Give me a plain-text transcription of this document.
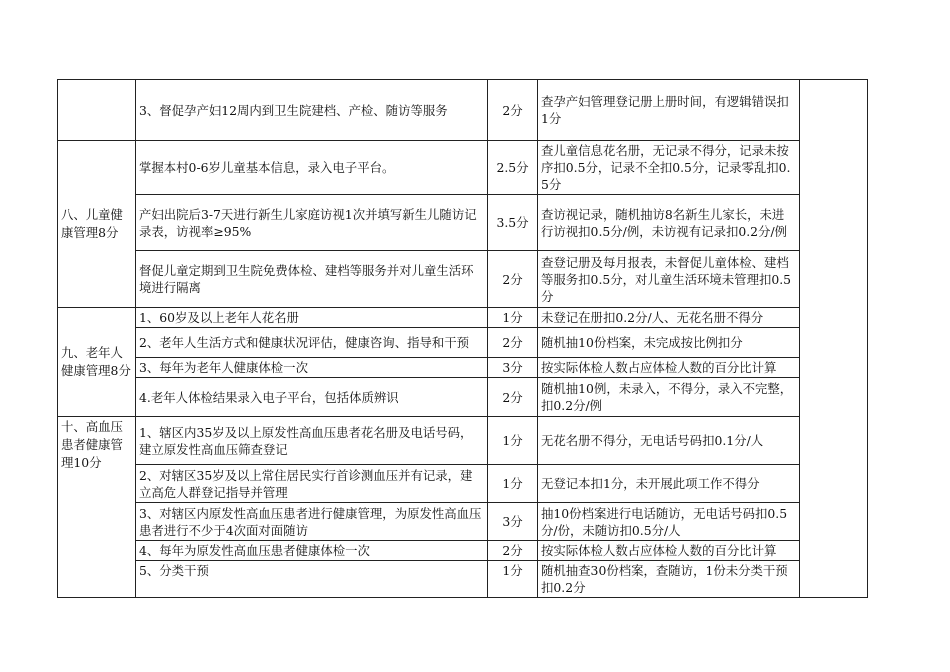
	3、督促孕产妇12周内到卫生院建档、产检、随访等服务	2分	查孕产妇管理登记册上册时间，有逻辑错误扣1分	
八、儿童健康管理8分	掌握本村0-6岁儿童基本信息，录入电子平台。	2.5分	查儿童信息花名册，无记录不得分，记录未按序扣0.5分，记录不全扣0.5分，记录零乱扣0.5分	
	产妇出院后3-7天进行新生儿家庭访视1次并填写新生儿随访记录表，访视率≥95%	3.5分	查访视记录，随机抽访8名新生儿家长，未进行访视扣0.5分/例，未访视有记录扣0.2分/例	
	督促儿童定期到卫生院免费体检、建档等服务并对儿童生活环境进行隔离	2分	查登记册及每月报表，未督促儿童体检、建档等服务扣0.5分，对儿童生活环境未管理扣0.5分	
九、老年人健康管理8分	1、60岁及以上老年人花名册	1分	未登记在册扣0.2分/人、无花名册不得分	
	2、老年人生活方式和健康状况评估，健康咨询、指导和干预	2分	随机抽10份档案，未完成按比例扣分	
	3、每年为老年人健康体检一次	3分	按实际体检人数占应体检人数的百分比计算	
	4.老年人体检结果录入电子平台，包括体质辨识	2分	随机抽10例，未录入，不得分，录入不完整，扣0.2分/例	
十、高血压患者健康管理10分	1、辖区内35岁及以上原发性高血压患者花名册及电话号码，建立原发性高血压筛查登记	1分	无花名册不得分，无电话号码扣0.1分/人	
	2、对辖区35岁及以上常住居民实行首诊测血压并有记录，建立高危人群登记指导并管理	1分	无登记本扣1分，未开展此项工作不得分	
	3、对辖区内原发性高血压患者进行健康管理，为原发性高血压患者进行不少于4次面对面随访	3分	抽10份档案进行电话随访，无电话号码扣0.5分/份，未随访扣0.5分/人	
	4、每年为原发性高血压患者健康体检一次	2分	按实际体检人数占应体检人数的百分比计算	
	5、分类干预	1分	随机抽查30份档案，查随访，1份未分类干预扣0.2分	
